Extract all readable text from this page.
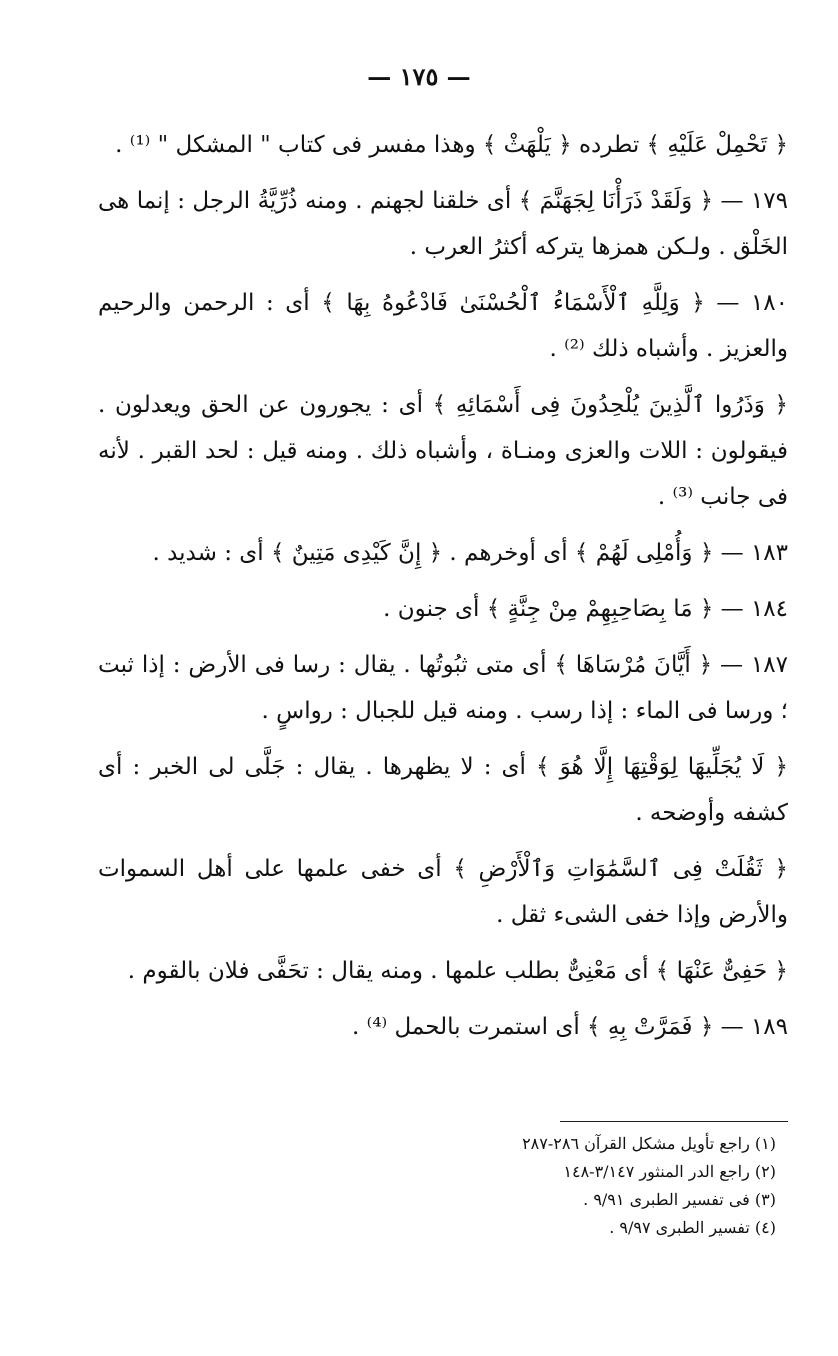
— ١٧٥ —

﴿ تَحْمِلْ عَلَيْهِ ﴾ تطرده ﴿ يَلْهَثْ ﴾ وهذا مفسر فى كتاب " المشكل " ⁽¹⁾ .

١٧٩ — ﴿ وَلَقَدْ ذَرَأْنَا لِجَهَنَّمَ ﴾ أى خلقنا لجهنم . ومنه ذُرِّيَّةُ الرجل : إنما هى الخَلْق . ولـكن همزها يتركه أكثرُ العرب .

١٨٠ — ﴿ وَلِلَّهِ ٱلْأَسْمَاءُ ٱلْحُسْنَىٰ فَادْعُوهُ بِهَا ﴾ أى : الرحمن والرحيم والعزيز . وأشباه ذلك ⁽²⁾ .

﴿ وَذَرُوا ٱلَّذِينَ يُلْحِدُونَ فِى أَسْمَائِهِ ﴾ أى : يجورون عن الحق ويعدلون . فيقولون : اللات والعزى ومنـاة ، وأشباه ذلك . ومنه قيل : لحد القبر . لأنه فى جانب ⁽³⁾ .

١٨٣ — ﴿ وَأُمْلِى لَهُمْ ﴾ أى أوخرهم . ﴿ إِنَّ كَيْدِى مَتِينٌ ﴾ أى : شديد .

١٨٤ — ﴿ مَا بِصَاحِبِهِمْ مِنْ جِنَّةٍ ﴾ أى جنون .

١٨٧ — ﴿ أَيَّانَ مُرْسَاهَا ﴾ أى متى ثبُوتُها . يقال : رسا فى الأرض : إذا ثبت ؛ ورسا فى الماء : إذا رسب . ومنه قيل للجبال : رواسٍ .

﴿ لَا يُجَلِّيهَا لِوَقْتِهَا إِلَّا هُوَ ﴾ أى : لا يظهرها . يقال : جَلَّى لى الخبر : أى كشفه وأوضحه .

﴿ ثَقُلَتْ فِى ٱلسَّمَٰوَاتِ وَٱلْأَرْضِ ﴾ أى خفى علمها على أهل السموات والأرض وإذا خفى الشىء ثقل .

﴿ حَفِىٌّ عَنْهَا ﴾ أى مَعْنِىٌّ بطلب علمها . ومنه يقال : تحَفَّى فلان بالقوم .

١٨٩ — ﴿ فَمَرَّتْ بِهِ ﴾ أى استمرت بالحمل ⁽⁴⁾ .

(١) راجع تأويل مشكل القرآن ٢٨٦-٢٨٧

(٢) راجع الدر المنثور ٣/١٤٧-١٤٨

(٣) فى تفسير الطبرى ٩/٩١ .

(٤) تفسير الطبرى ٩/٩٧ .
